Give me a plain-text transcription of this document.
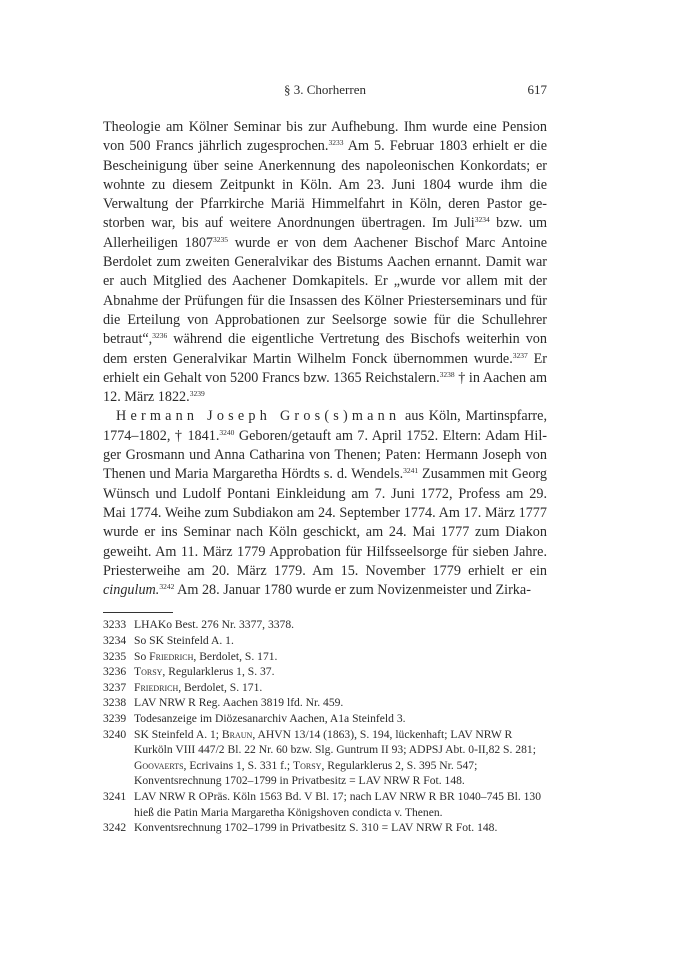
§ 3. Chorherren	617

Theologie am Kölner Seminar bis zur Aufhebung. Ihm wurde eine Pension von 500 Francs jährlich zugesprochen.$^{3233}$ Am 5. Februar 1803 erhielt er die Bescheinigung über seine Anerkennung des napoleonischen Konkordats; er wohnte zu diesem Zeitpunkt in Köln. Am 23. Juni 1804 wurde ihm die Verwaltung der Pfarrkirche Mariä Himmelfahrt in Köln, deren Pastor gestorben war, bis auf weitere Anordnungen übertragen. Im Juli$^{3234}$ bzw. um Allerheiligen $1807^{3235}$ wurde er von dem Aachener Bischof Marc Antoine Berdolet zum zweiten Generalvikar des Bistums Aachen ernannt. Damit war er auch Mitglied des Aachener Domkapitels. Er „wurde vor allem mit der Abnahme der Prüfungen für die Insassen des Kölner Priesterseminars und für die Erteilung von Approbationen zur Seelsorge sowie für die Schullehrer betraut“,$^{3236}$ während die eigentliche Vertretung des Bischofs weiterhin von dem ersten Generalvikar Martin Wilhelm Fonck übernommen wurde.$^{3237}$ Er erhielt ein Gehalt von 5200 Francs bzw. 1365 Reichstalern.$^{3238}$ † in Aachen am 12. März 1822.$^{3239}$

Hermann Joseph Gros(s)mann aus Köln, Martinspfarre, 1774–1802, † 1841.$^{3240}$ Geboren/getauft am 7. April 1752. Eltern: Adam Hilger Grosmann und Anna Catharina von Thenen; Paten: Hermann Joseph von Thenen und Maria Margaretha Hördts s. d. Wendels.$^{3241}$ Zusammen mit Georg Wünsch und Ludolf Pontani Einkleidung am 7. Juni 1772, Profess am 29. Mai 1774. Weihe zum Subdiakon am 24. September 1774. Am 17. März 1777 wurde er ins Seminar nach Köln geschickt, am 24. Mai 1777 zum Diakon geweiht. Am 11. März 1779 Approbation für Hilfsseelsorge für sieben Jahre. Priesterweihe am 20. März 1779. Am 15. November 1779 erhielt er ein cingulum.$^{3242}$ Am 28. Januar 1780 wurde er zum Novizenmeister und Zirka-

3233 LHAKo Best. 276 Nr. 3377, 3378.
3234 So SK Steinfeld A. 1.
3235 So Friedrich, Berdolet, S. 171.
3236 Torsy, Regularklerus 1, S. 37.
3237 Friedrich, Berdolet, S. 171.
3238 LAV NRW R Reg. Aachen 3819 lfd. Nr. 459.
3239 Todesanzeige im Diözesanarchiv Aachen, A1a Steinfeld 3.
3240 SK Steinfeld A. 1; Braun, AHVN 13/14 (1863), S. 194, lückenhaft; LAV NRW R Kurköln VIII 447/2 Bl. 22 Nr. 60 bzw. Slg. Guntrum II 93; ADPSJ Abt. 0-II,82 S. 281; Goovaerts, Ecrivains 1, S. 331 f.; Torsy, Regularklerus 2, S. 395 Nr. 547; Konventsrechnung 1702–1799 in Privatbesitz = LAV NRW R Fot. 148.
3241 LAV NRW R OPräs. Köln 1563 Bd. V Bl. 17; nach LAV NRW R BR 1040–745 Bl. 130 hieß die Patin Maria Margaretha Königshoven condicta v. Thenen.
3242 Konventsrechnung 1702–1799 in Privatbesitz S. 310 = LAV NRW R Fot. 148.
